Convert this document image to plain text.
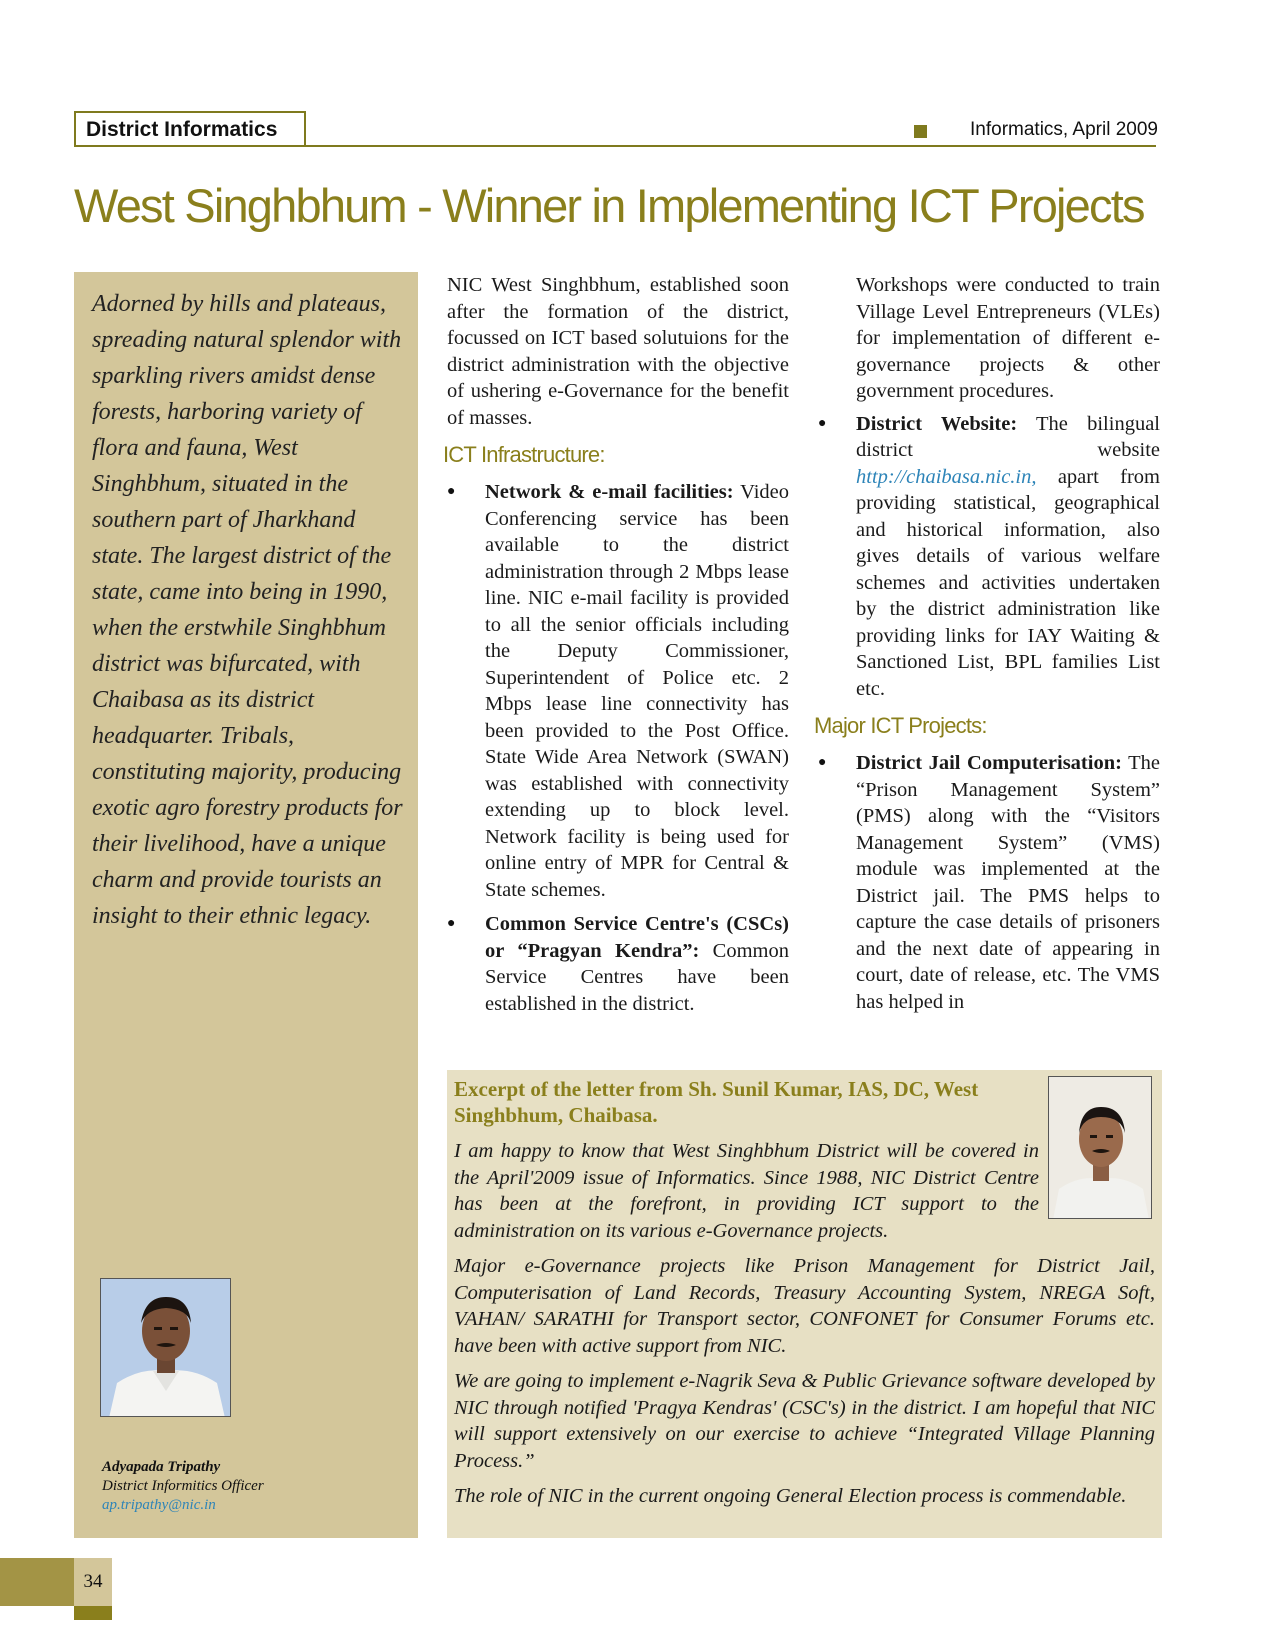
District Informatics	Informatics, April 2009
West Singhbhum - Winner in Implementing ICT Projects
Adorned by hills and plateaus, spreading natural splendor with sparkling rivers amidst dense forests, harboring variety of flora and fauna, West Singhbhum, situated in the southern part of Jharkhand state. The largest district of the state, came into being in 1990, when the erstwhile Singhbhum district was bifurcated, with Chaibasa as its district headquarter. Tribals, constituting majority, producing exotic agro forestry products for their livelihood, have a unique charm and provide tourists an insight to their ethnic legacy.
Adyapada Tripathy
District Informitics Officer
ap.tripathy@nic.in

NIC West Singhbhum, established soon after the formation of the district, focussed on ICT based solutuions for the district administration with the objective of ushering e-Governance for the benefit of masses.

ICT Infrastructure:
● Network & e-mail facilities: Video Conferencing service has been available to the district administration through 2 Mbps lease line. NIC e-mail facility is provided to all the senior officials including the Deputy Commissioner, Superintendent of Police etc. 2 Mbps lease line connectivity has been provided to the Post Office. State Wide Area Network (SWAN) was established with connectivity extending up to block level. Network facility is being used for online entry of MPR for Central & State schemes.
● Common Service Centre's (CSCs) or “Pragyan Kendra”: Common Service Centres have been established in the district.

Workshops were conducted to train Village Level Entrepreneurs (VLEs) for implementation of different e-governance projects & other government procedures.

● District Website: The bilingual district website http://chaibasa.nic.in, apart from providing statistical, geographical and historical information, also gives details of various welfare schemes and activities undertaken by the district administration like providing links for IAY Waiting & Sanctioned List, BPL families List etc.
Major ICT Projects:
● District Jail Computerisation: The “Prison Management System” (PMS) along with the “Visitors Management System” (VMS) module was implemented at the District jail. The PMS helps to capture the case details of prisoners and the next date of appearing in court, date of release, etc. The VMS has helped in
Excerpt of the letter from Sh. Sunil Kumar, IAS, DC, West Singhbhum, Chaibasa.

I am happy to know that West Singhbhum District will be covered in the April'2009 issue of Informatics. Since 1988, NIC District Centre has been at the forefront, in providing ICT support to the administration on its various e-Governance projects.

Major e-Governance projects like Prison Management for District Jail, Computerisation of Land Records, Treasury Accounting System, NREGA Soft, VAHAN/ SARATHI for Transport sector, CONFONET for Consumer Forums etc. have been with active support from NIC.

We are going to implement e-Nagrik Seva & Public Grievance software developed by NIC through notified 'Pragya Kendras' (CSC's) in the district. I am hopeful that NIC will support extensively on our exercise to achieve “Integrated Village Planning Process.”

The role of NIC in the current ongoing General Election process is commendable.

34
